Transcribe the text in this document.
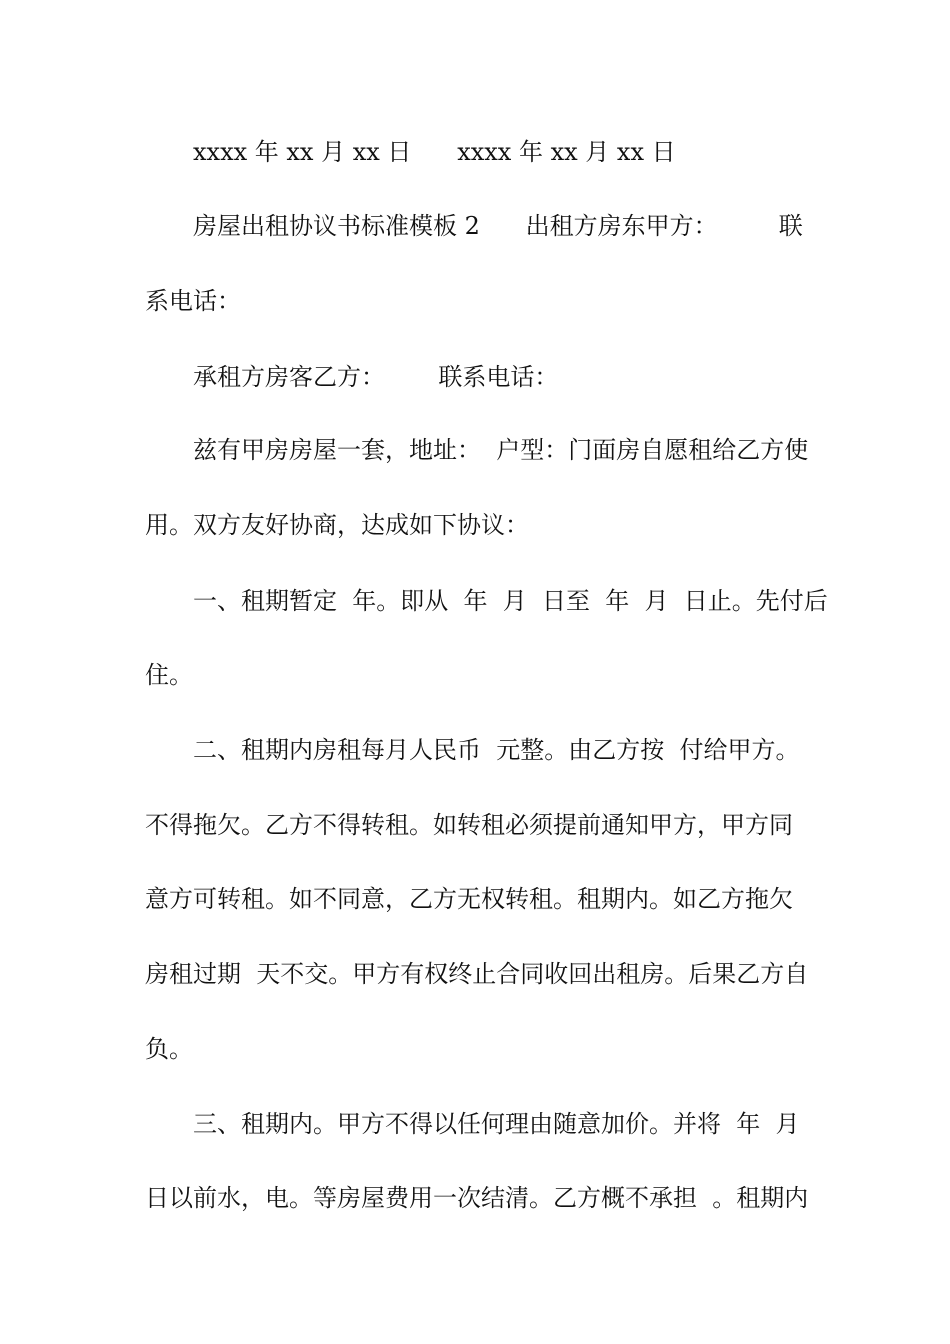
xxxx 年 xx 月 xx 日      xxxx 年 xx 月 xx 日
房屋出租协议书标准模板 2      出租方房东甲方：        联
系电话：
承租方房客乙方：       联系电话：
兹有甲房房屋一套，地址：  户型：门面房自愿租给乙方使
用。双方友好协商，达成如下协议：
一、租期暂定  年。即从  年  月  日至  年  月  日止。先付后
住。
二、租期内房租每月人民币  元整。由乙方按  付给甲方。
不得拖欠。乙方不得转租。如转租必须提前通知甲方，甲方同
意方可转租。如不同意，乙方无权转租。租期内。如乙方拖欠
房租过期  天不交。甲方有权终止合同收回出租房。后果乙方自
负。
三、租期内。甲方不得以任何理由随意加价。并将  年  月
日以前水，电。等房屋费用一次结清。乙方概不承担  。租期内
